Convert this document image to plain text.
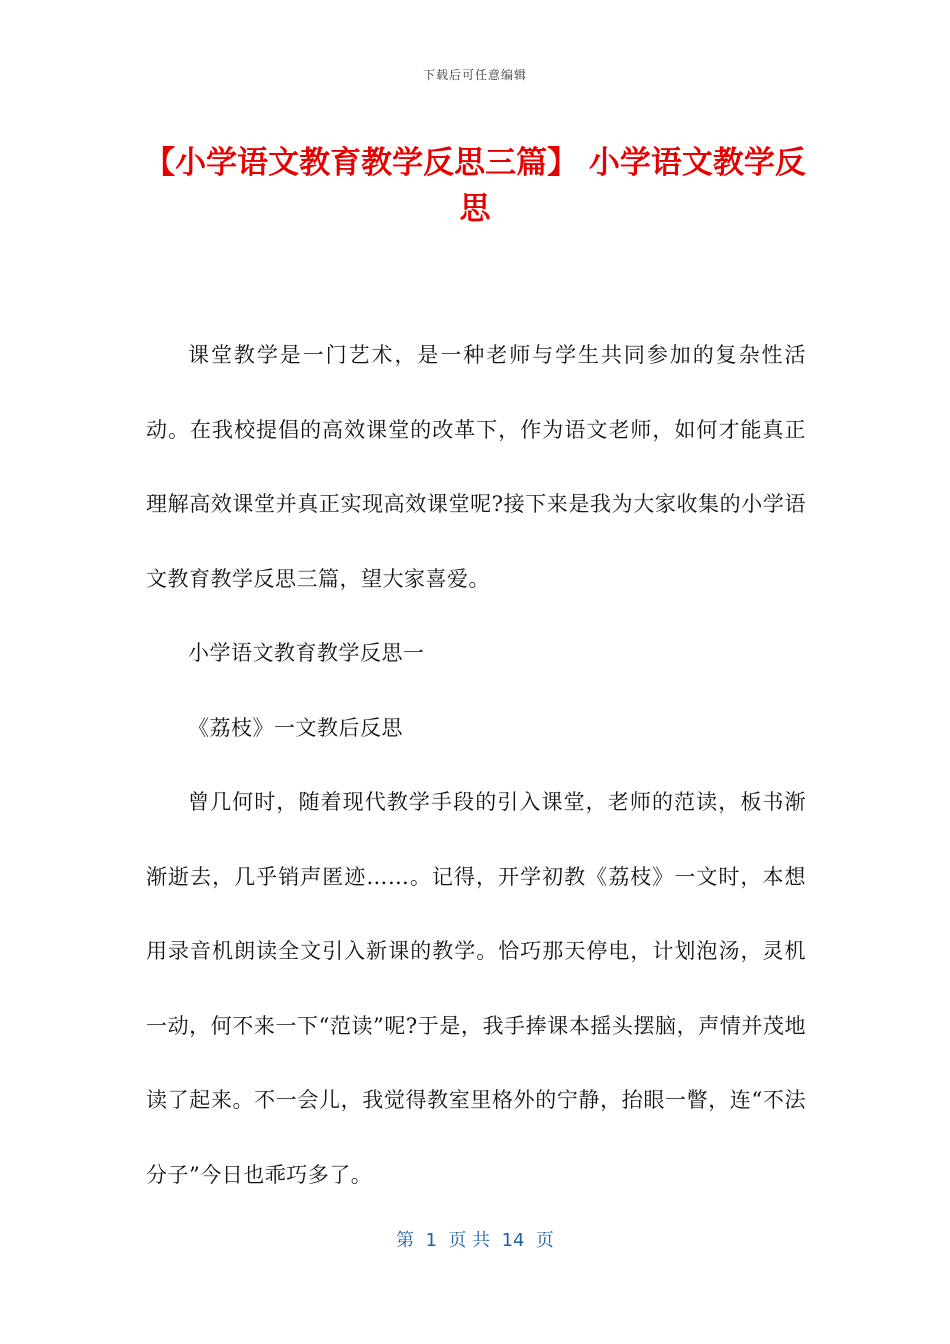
下载后可任意编辑
【小学语文教育教学反思三篇】 小学语文教学反思

课堂教学是一门艺术，是一种老师与学生共同参加的复杂性活动。在我校提倡的高效课堂的改革下，作为语文老师，如何才能真正理解高效课堂并真正实现高效课堂呢?接下来是我为大家收集的小学语文教育教学反思三篇，望大家喜爱。

小学语文教育教学反思一

《荔枝》一文教后反思

曾几何时，随着现代教学手段的引入课堂，老师的范读，板书渐渐逝去，几乎销声匿迹……。记得，开学初教《荔枝》一文时，本想用录音机朗读全文引入新课的教学。恰巧那天停电，计划泡汤，灵机一动，何不来一下“范读”呢?于是，我手捧课本摇头摆脑，声情并茂地读了起来。不一会儿，我觉得教室里格外的宁静，抬眼一瞥，连“不法分子”今日也乖巧多了。

第  1  页 共  14  页
